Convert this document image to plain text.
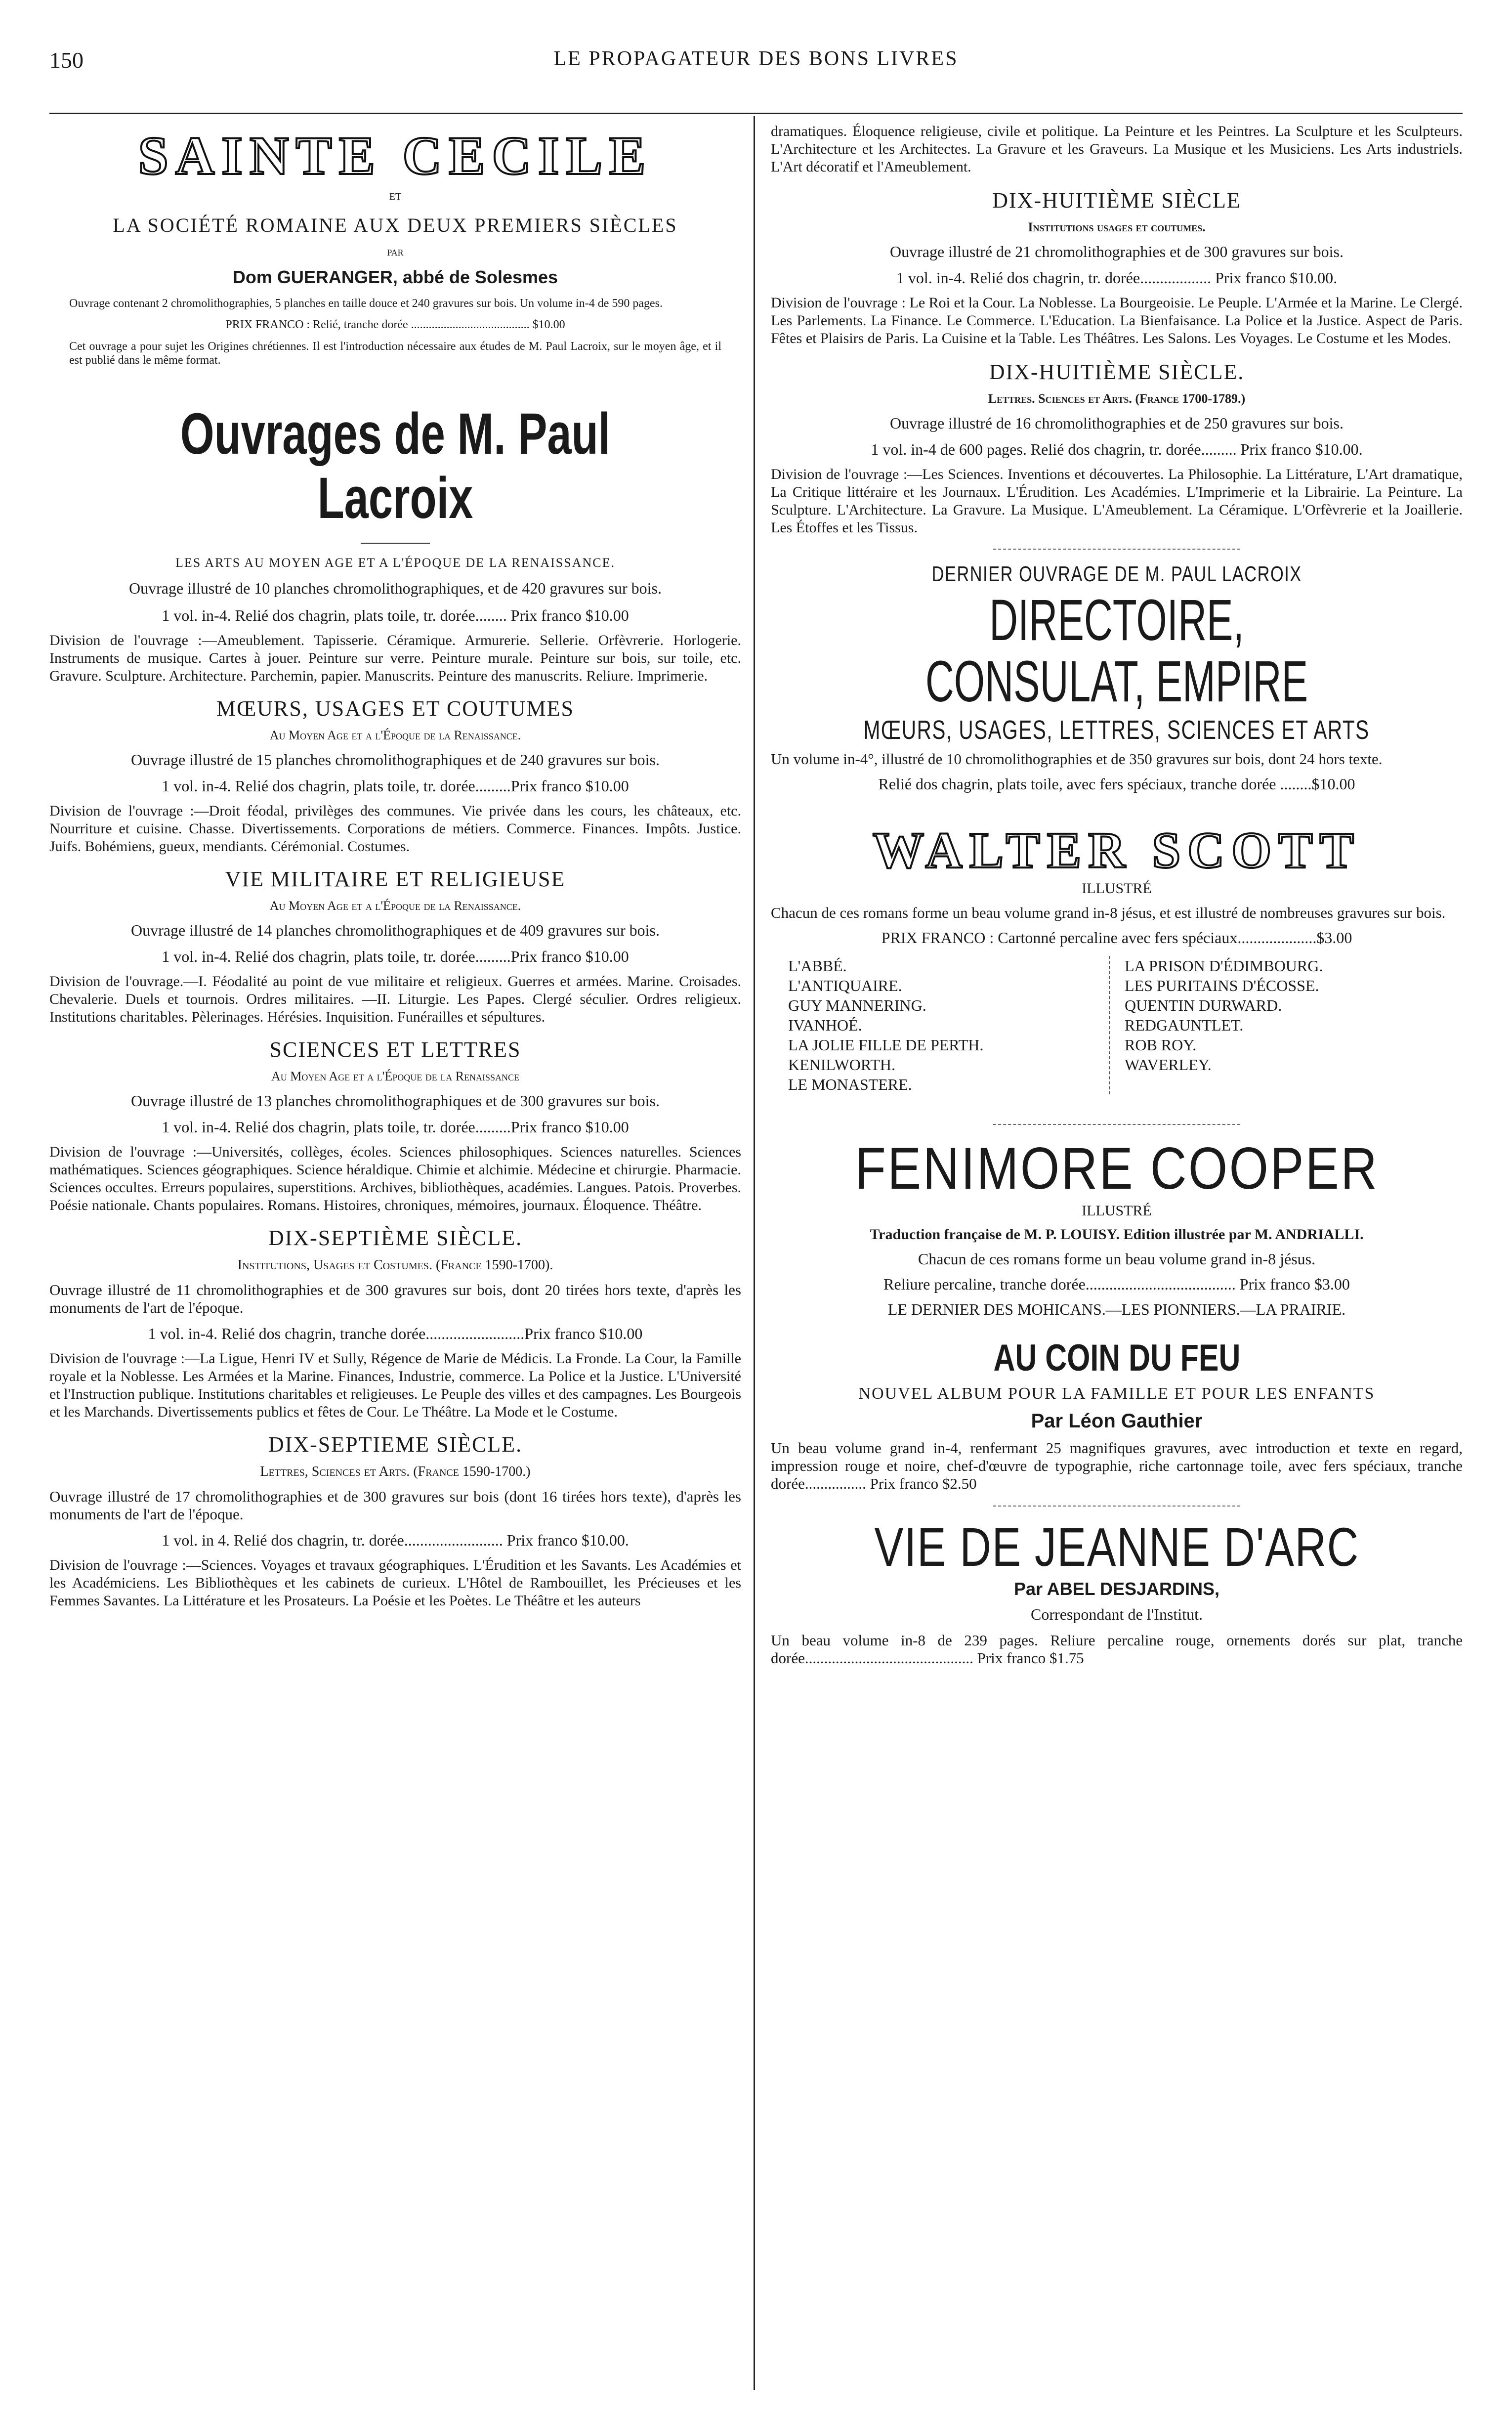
150	LE PROPAGATEUR DES BONS LIVRES

SAINTE CECILE

ET

LA SOCIÉTÉ ROMAINE AUX DEUX PREMIERS SIÈCLES

PAR

Dom GUERANGER, abbé de Solesmes

Ouvrage contenant 2 chromolithographies, 5 planches en taille douce et 240 gravures sur bois. Un volume in-4 de 590 pages.

PRIX FRANCO : Relié, tranche dorée ........................................ $10.00

Cet ouvrage a pour sujet les Origines chrétiennes. Il est l'introduction nécessaire aux études de M. Paul Lacroix, sur le moyen âge, et il est publié dans le même format.

Ouvrages de M. Paul Lacroix

LES ARTS AU MOYEN AGE ET A L'ÉPOQUE DE LA RENAISSANCE.

Ouvrage illustré de 10 planches chromolithographiques, et de 420 gravures sur bois.

1 vol. in-4. Relié dos chagrin, plats toile, tr. dorée........ Prix franco $10.00

Division de l'ouvrage :—Ameublement. Tapisserie. Céramique. Armurerie. Sellerie. Orfèvrerie. Horlogerie. Instruments de musique. Cartes à jouer. Peinture sur verre. Peinture murale. Peinture sur bois, sur toile, etc. Gravure. Sculpture. Architecture. Parchemin, papier. Manuscrits. Peinture des manuscrits. Reliure. Imprimerie.

MŒURS, USAGES ET COUTUMES

Au Moyen Age et a l'Époque de la Renaissance.

Ouvrage illustré de 15 planches chromolithographiques et de 240 gravures sur bois.

1 vol. in-4. Relié dos chagrin, plats toile, tr. dorée.........Prix franco $10.00

Division de l'ouvrage :—Droit féodal, privilèges des communes. Vie privée dans les cours, les châteaux, etc. Nourriture et cuisine. Chasse. Divertissements. Corporations de métiers. Commerce. Finances. Impôts. Justice. Juifs. Bohémiens, gueux, mendiants. Cérémonial. Costumes.

VIE MILITAIRE ET RELIGIEUSE

Au Moyen Age et a l'Époque de la Renaissance.

Ouvrage illustré de 14 planches chromolithographiques et de 409 gravures sur bois.

1 vol. in-4. Relié dos chagrin, plats toile, tr. dorée.........Prix franco $10.00

Division de l'ouvrage.—I. Féodalité au point de vue militaire et religieux. Guerres et armées. Marine. Croisades. Chevalerie. Duels et tournois. Ordres militaires. —II. Liturgie. Les Papes. Clergé séculier. Ordres religieux. Institutions charitables. Pèlerinages. Hérésies. Inquisition. Funérailles et sépultures.

SCIENCES ET LETTRES

Au Moyen Age et a l'Époque de la Renaissance

Ouvrage illustré de 13 planches chromolithographiques et de 300 gravures sur bois.

1 vol. in-4. Relié dos chagrin, plats toile, tr. dorée.........Prix franco $10.00

Division de l'ouvrage :—Universités, collèges, écoles. Sciences philosophiques. Sciences naturelles. Sciences mathématiques. Sciences géographiques. Science héraldique. Chimie et alchimie. Médecine et chirurgie. Pharmacie. Sciences occultes. Erreurs populaires, superstitions. Archives, bibliothèques, académies. Langues. Patois. Proverbes. Poésie nationale. Chants populaires. Romans. Histoires, chroniques, mémoires, journaux. Éloquence. Théâtre.

DIX-SEPTIÈME SIÈCLE.

Institutions, Usages et Costumes. (France 1590-1700).

Ouvrage illustré de 11 chromolithographies et de 300 gravures sur bois, dont 20 tirées hors texte, d'après les monuments de l'art de l'époque.

1 vol. in-4. Relié dos chagrin, tranche dorée.........................Prix franco $10.00

Division de l'ouvrage :—La Ligue, Henri IV et Sully, Régence de Marie de Médicis. La Fronde. La Cour, la Famille royale et la Noblesse. Les Armées et la Marine. Finances, Industrie, commerce. La Police et la Justice. L'Université et l'Instruction publique. Institutions charitables et religieuses. Le Peuple des villes et des campagnes. Les Bourgeois et les Marchands. Divertissements publics et fêtes de Cour. Le Théâtre. La Mode et le Costume.

DIX-SEPTIEME SIÈCLE.

Lettres, Sciences et Arts. (France 1590-1700.)

Ouvrage illustré de 17 chromolithographies et de 300 gravures sur bois (dont 16 tirées hors texte), d'après les monuments de l'art de l'époque.

1 vol. in 4. Relié dos chagrin, tr. dorée......................... Prix franco $10.00.

Division de l'ouvrage :—Sciences. Voyages et travaux géographiques. L'Érudition et les Savants. Les Académies et les Académiciens. Les Bibliothèques et les cabinets de curieux. L'Hôtel de Rambouillet, les Précieuses et les Femmes Savantes. La Littérature et les Prosateurs. La Poésie et les Poètes. Le Théâtre et les auteurs

dramatiques. Éloquence religieuse, civile et politique. La Peinture et les Peintres. La Sculpture et les Sculpteurs. L'Architecture et les Architectes. La Gravure et les Graveurs. La Musique et les Musiciens. Les Arts industriels. L'Art décoratif et l'Ameublement.

DIX-HUITIÈME SIÈCLE

Institutions usages et coutumes.

Ouvrage illustré de 21 chromolithographies et de 300 gravures sur bois.

1 vol. in-4. Relié dos chagrin, tr. dorée.................. Prix franco $10.00.

Division de l'ouvrage : Le Roi et la Cour. La Noblesse. La Bourgeoisie. Le Peuple. L'Armée et la Marine. Le Clergé. Les Parlements. La Finance. Le Commerce. L'Education. La Bienfaisance. La Police et la Justice. Aspect de Paris. Fêtes et Plaisirs de Paris. La Cuisine et la Table. Les Théâtres. Les Salons. Les Voyages. Le Costume et les Modes.

DIX-HUITIÈME SIÈCLE.

Lettres. Sciences et Arts. (France 1700-1789.)

Ouvrage illustré de 16 chromolithographies et de 250 gravures sur bois.

1 vol. in-4 de 600 pages. Relié dos chagrin, tr. dorée......... Prix franco $10.00.

Division de l'ouvrage :—Les Sciences. Inventions et découvertes. La Philosophie. La Littérature, L'Art dramatique, La Critique littéraire et les Journaux. L'Érudition. Les Académies. L'Imprimerie et la Librairie. La Peinture. La Sculpture. L'Architecture. La Gravure. La Musique. L'Ameublement. La Céramique. L'Orfèvrerie et la Joaillerie. Les Étoffes et les Tissus.

DERNIER OUVRAGE DE M. PAUL LACROIX

DIRECTOIRE, CONSULAT, EMPIRE

MŒURS, USAGES, LETTRES, SCIENCES ET ARTS

Un volume in-4°, illustré de 10 chromolithographies et de 350 gravures sur bois, dont 24 hors texte.

Relié dos chagrin, plats toile, avec fers spéciaux, tranche dorée ........$10.00

WALTER SCOTT

ILLUSTRÉ

Chacun de ces romans forme un beau volume grand in-8 jésus, et est illustré de nombreuses gravures sur bois.

PRIX FRANCO : Cartonné percaline avec fers spéciaux....................$3.00

L'ABBÉ.
L'ANTIQUAIRE.
GUY MANNERING.
IVANHOÉ.
LA JOLIE FILLE DE PERTH.
KENILWORTH.
LE MONASTERE.
LA PRISON D'ÉDIMBOURG.
LES PURITAINS D'ÉCOSSE.
QUENTIN DURWARD.
REDGAUNTLET.
ROB ROY.
WAVERLEY.

FENIMORE COOPER

ILLUSTRÉ

Traduction française de M. P. LOUISY. Edition illustrée par M. ANDRIALLI.

Chacun de ces romans forme un beau volume grand in-8 jésus.

Reliure percaline, tranche dorée...................................... Prix franco $3.00

LE DERNIER DES MOHICANS.—LES PIONNIERS.—LA PRAIRIE.

AU COIN DU FEU

NOUVEL ALBUM POUR LA FAMILLE ET POUR LES ENFANTS

Par Léon Gauthier

Un beau volume grand in-4, renfermant 25 magnifiques gravures, avec introduction et texte en regard, impression rouge et noire, chef-d'œuvre de typographie, riche cartonnage toile, avec fers spéciaux, tranche dorée................ Prix franco $2.50

VIE DE JEANNE D'ARC

Par ABEL DESJARDINS,

Correspondant de l'Institut.

Un beau volume in-8 de 239 pages. Reliure percaline rouge, ornements dorés sur plat, tranche dorée............................................ Prix franco $1.75
